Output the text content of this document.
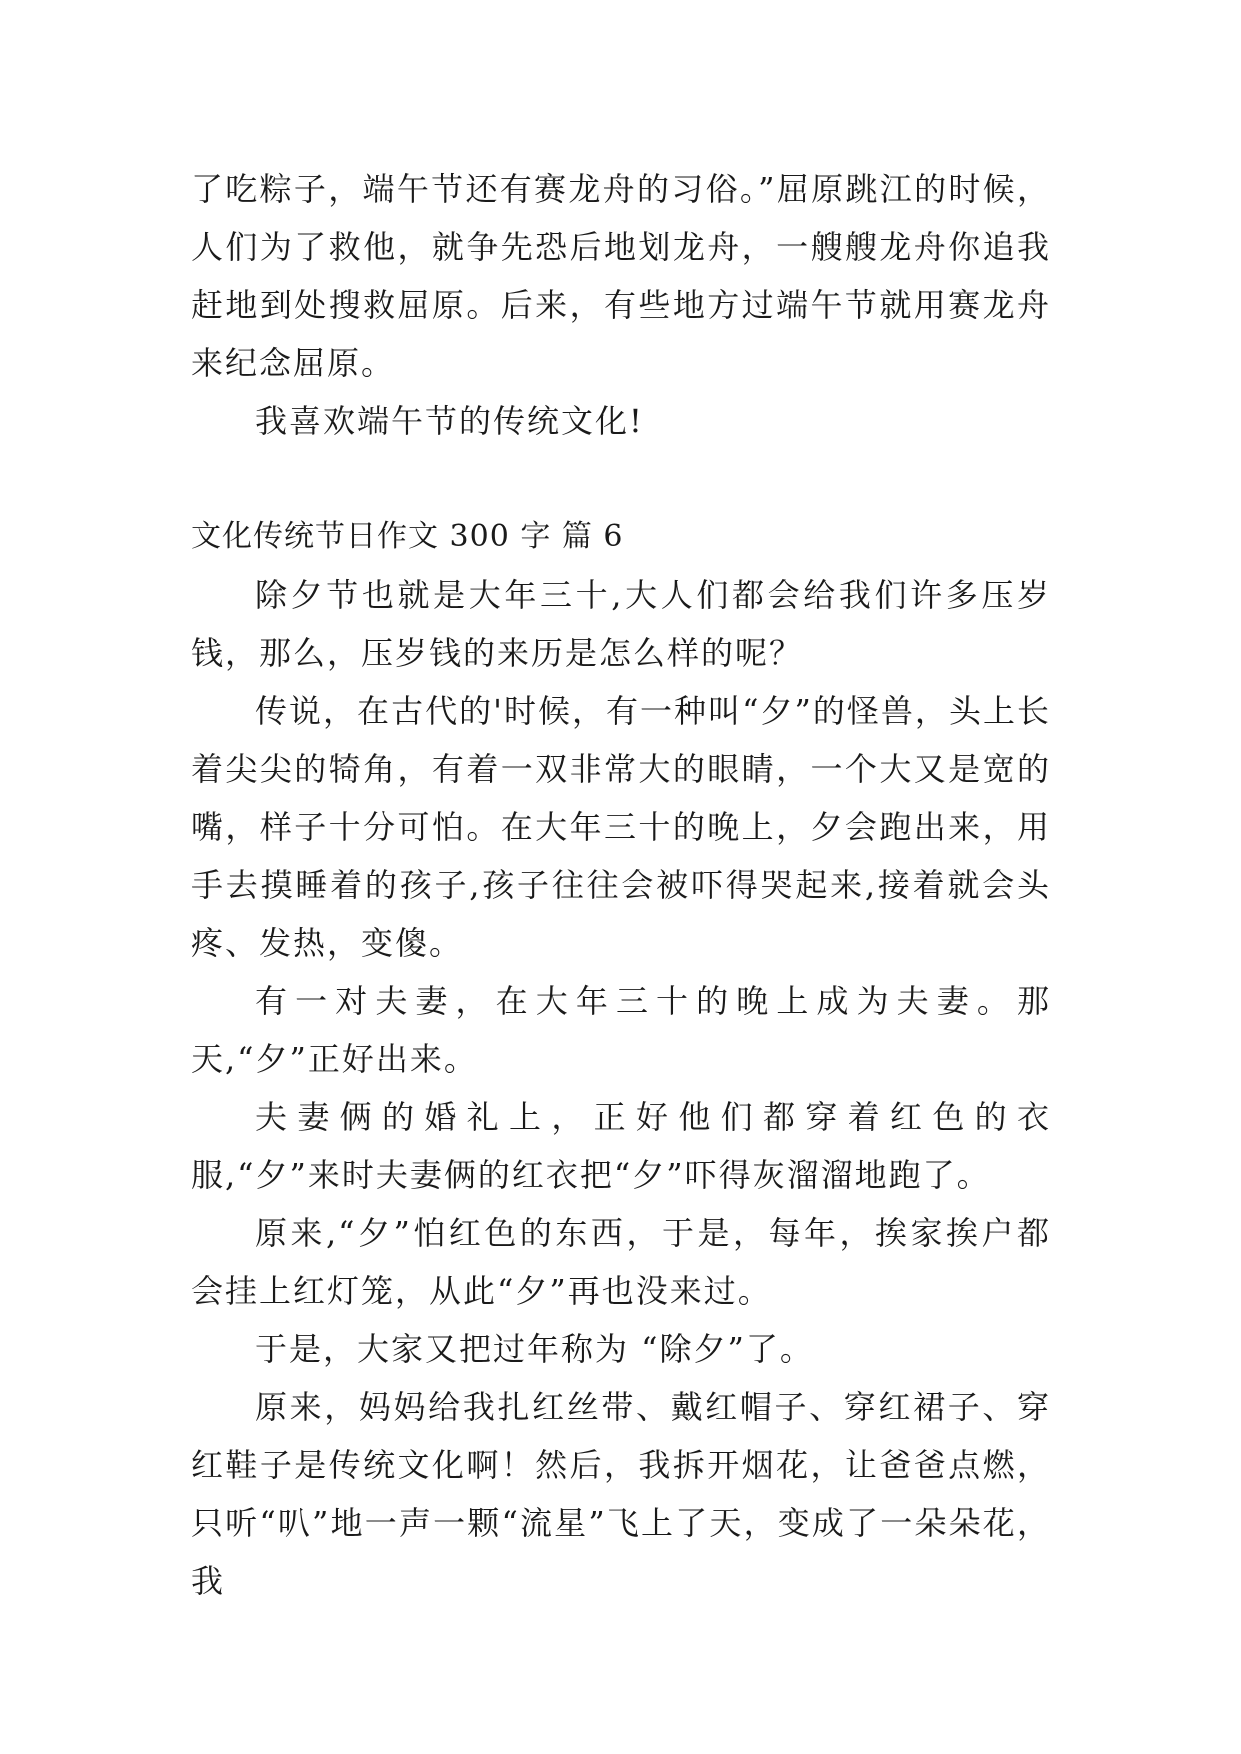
了吃粽子，端午节还有赛龙舟的习俗。”屈原跳江的时候，人们为了救他，就争先恐后地划龙舟，一艘艘龙舟你追我赶地到处搜救屈原。后来，有些地方过端午节就用赛龙舟来纪念屈原。

我喜欢端午节的传统文化!

文化传统节日作文 300 字 篇 6

除夕节也就是大年三十,大人们都会给我们许多压岁钱，那么，压岁钱的来历是怎么样的呢？

传说，在古代的'时候，有一种叫“夕”的怪兽，头上长着尖尖的犄角，有着一双非常大的眼睛，一个大又是宽的嘴，样子十分可怕。在大年三十的晚上，夕会跑出来，用手去摸睡着的孩子,孩子往往会被吓得哭起来,接着就会头疼、发热，变傻。

有一对夫妻，在大年三十的晚上成为夫妻。那天,“夕”正好出来。

夫妻俩的婚礼上，正好他们都穿着红色的衣服,“夕”来时夫妻俩的红衣把“夕”吓得灰溜溜地跑了。

原来,“夕”怕红色的东西，于是，每年，挨家挨户都会挂上红灯笼，从此“夕”再也没来过。

于是，大家又把过年称为 “除夕”了。

原来，妈妈给我扎红丝带、戴红帽子、穿红裙子、穿红鞋子是传统文化啊！然后，我拆开烟花，让爸爸点燃，只听“叭”地一声一颗“流星”飞上了天，变成了一朵朵花，我
